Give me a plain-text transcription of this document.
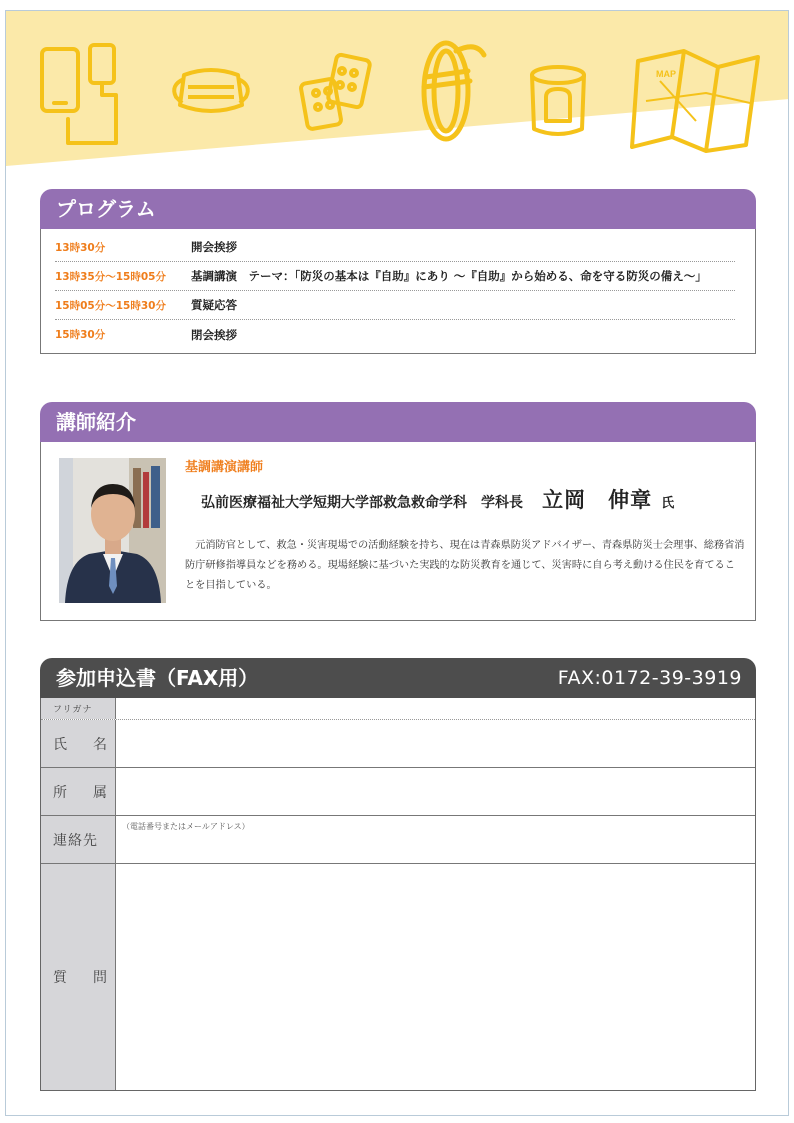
MAP
プログラム
13時30分	開会挨拶
13時35分～15時05分	基調講演　テーマ：「防災の基本は『自助』にあり ～『自助』から始める、命を守る防災の備え～」
15時05分～15時30分	質疑応答
15時30分	閉会挨拶
講師紹介
基調講演講師
弘前医療福祉大学短期大学部救急救命学科　学科長 立岡　伸章 氏
元消防官として、救急・災害現場での活動経験を持ち、現在は青森県防災アドバイザー、青森県防災士会理事、総務省消防庁研修指導員などを務める。現場経験に基づいた実践的な防災教育を通じて、災害時に自ら考え動ける住民を育てることを目指している。
参加申込書（FAX用）	FAX:0172-39-3919
フリガナ
氏　名
所　属
連絡先
（電話番号またはメールアドレス）
質　問
